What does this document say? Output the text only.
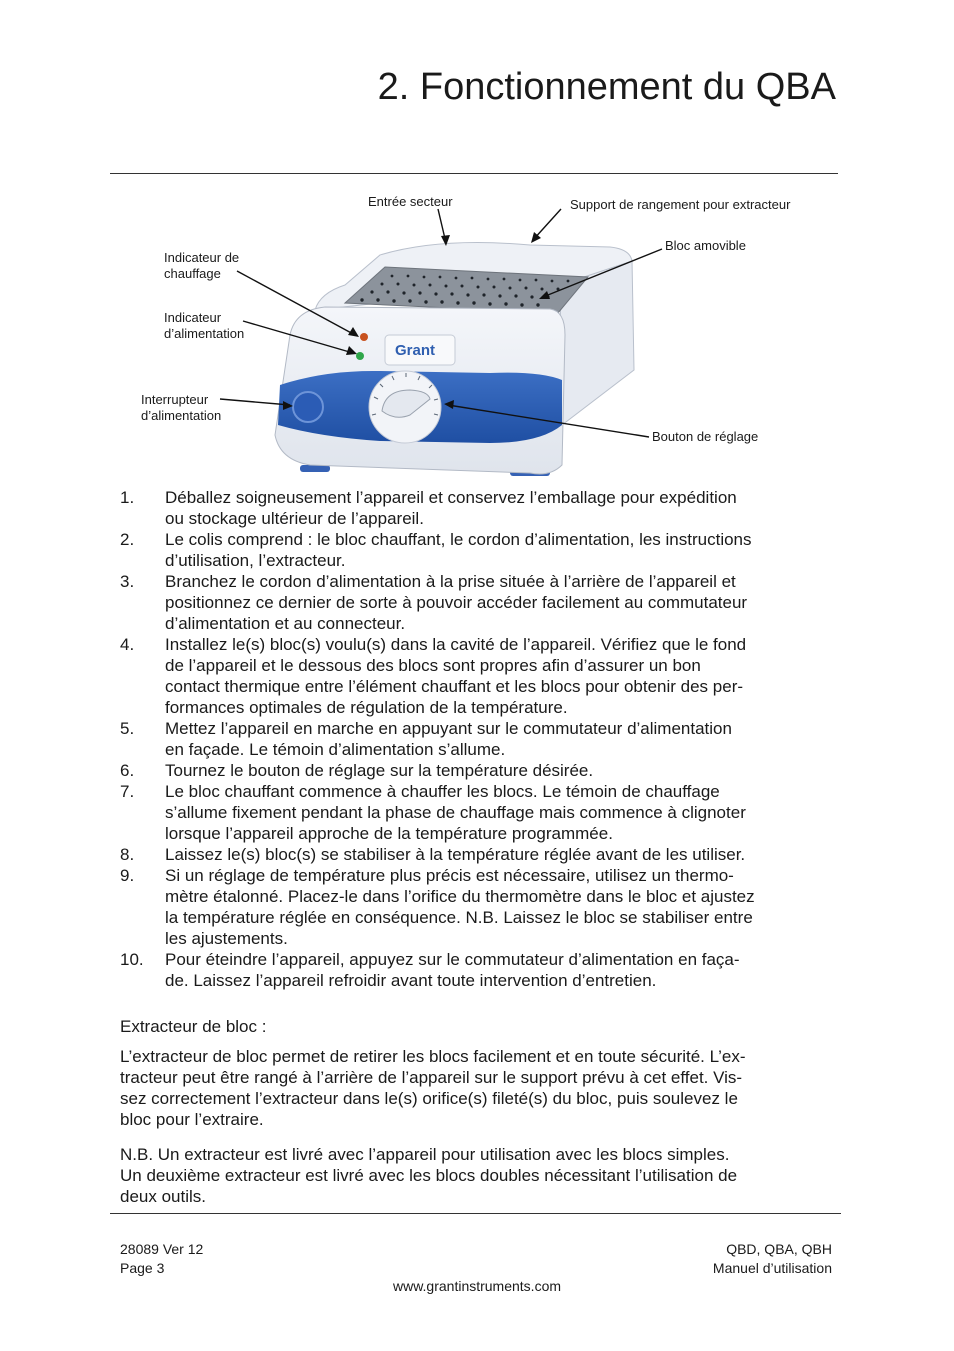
2. Fonctionnement du QBA
Grant
Entrée secteur	Support de rangement pour extracteur
Bloc amovible
Indicateur de
chauffage
Indicateur
d’alimentation
Interrupteur
d’alimentation
Bouton de réglage
1. Déballez soigneusement l’appareil et conservez l’emballage pour expédition
ou stockage ultérieur de l’appareil.
2. Le colis comprend : le bloc chauffant, le cordon d’alimentation, les instructions
d’utilisation, l’extracteur.
3. Branchez le cordon d’alimentation à la prise située à l’arrière de l’appareil et
positionnez ce dernier de sorte à pouvoir accéder facilement au commutateur
d’alimentation et au connecteur.
4. Installez le(s) bloc(s) voulu(s) dans la cavité de l’appareil. Vérifiez que le fond
de l’appareil et le dessous des blocs sont propres afin d’assurer un bon
contact thermique entre l’élément chauffant et les blocs pour obtenir des per-
formances optimales de régulation de la température.
5. Mettez l’appareil en marche en appuyant sur le commutateur d’alimentation
en façade. Le témoin d’alimentation s’allume.
6. Tournez le bouton de réglage sur la température désirée.
7. Le bloc chauffant commence à chauffer les blocs. Le témoin de chauffage
s’allume fixement pendant la phase de chauffage mais commence à clignoter
lorsque l’appareil approche de la température programmée.
8. Laissez le(s) bloc(s) se stabiliser à la température réglée avant de les utiliser.
9. Si un réglage de température plus précis est nécessaire, utilisez un thermo-
mètre étalonné. Placez-le dans l’orifice du thermomètre dans le bloc et ajustez
la température réglée en conséquence. N.B. Laissez le bloc se stabiliser entre
les ajustements.
10. Pour éteindre l’appareil, appuyez sur le commutateur d’alimentation en faça-
de. Laissez l’appareil refroidir avant toute intervention d’entretien.

Extracteur de bloc :

L’extracteur de bloc permet de retirer les blocs facilement et en toute sécurité. L’ex-
tracteur peut être rangé à l’arrière de l’appareil sur le support prévu à cet effet. Vis-
sez correctement l’extracteur dans le(s) orifice(s) fileté(s) du bloc, puis soulevez le
bloc pour l’extraire.

N.B. Un extracteur est livré avec l’appareil pour utilisation avec les blocs simples.
Un deuxième extracteur est livré avec les blocs doubles nécessitant l’utilisation de
deux outils.

28089 Ver 12
Page 3
QBD, QBA, QBH
Manuel d’utilisation
www.grantinstruments.com
